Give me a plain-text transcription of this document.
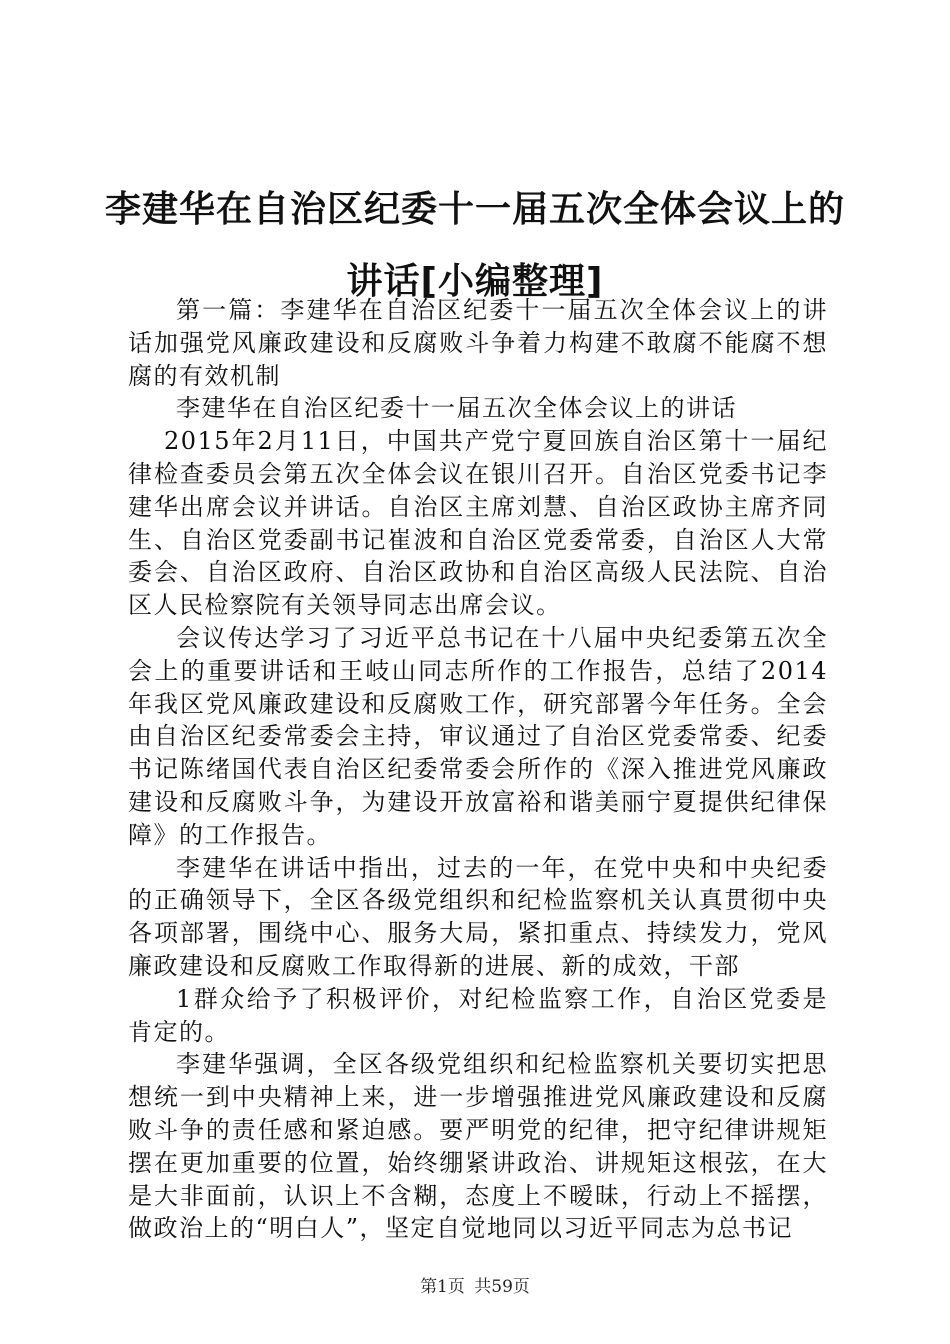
李建华在自治区纪委十一届五次全体会议上的
讲话[小编整理]

第一篇：李建华在自治区纪委十一届五次全体会议上的讲话加强党风廉政建设和反腐败斗争着力构建不敢腐不能腐不想腐的有效机制

李建华在自治区纪委十一届五次全体会议上的讲话

2015年2月11日，中国共产党宁夏回族自治区第十一届纪律检查委员会第五次全体会议在银川召开。自治区党委书记李建华出席会议并讲话。自治区主席刘慧、自治区政协主席齐同生、自治区党委副书记崔波和自治区党委常委，自治区人大常委会、自治区政府、自治区政协和自治区高级人民法院、自治区人民检察院有关领导同志出席会议。

会议传达学习了习近平总书记在十八届中央纪委第五次全会上的重要讲话和王岐山同志所作的工作报告，总结了2014年我区党风廉政建设和反腐败工作，研究部署今年任务。全会由自治区纪委常委会主持，审议通过了自治区党委常委、纪委书记陈绪国代表自治区纪委常委会所作的《深入推进党风廉政建设和反腐败斗争，为建设开放富裕和谐美丽宁夏提供纪律保障》的工作报告。

李建华在讲话中指出，过去的一年，在党中央和中央纪委的正确领导下，全区各级党组织和纪检监察机关认真贯彻中央各项部署，围绕中心、服务大局，紧扣重点、持续发力，党风廉政建设和反腐败工作取得新的进展、新的成效，干部

1群众给予了积极评价，对纪检监察工作，自治区党委是肯定的。

李建华强调，全区各级党组织和纪检监察机关要切实把思想统一到中央精神上来，进一步增强推进党风廉政建设和反腐败斗争的责任感和紧迫感。要严明党的纪律，把守纪律讲规矩摆在更加重要的位置，始终绷紧讲政治、讲规矩这根弦，在大是大非面前，认识上不含糊，态度上不暧昧，行动上不摇摆，做政治上的“明白人”，坚定自觉地同以习近平同志为总书记

第1页 共59页
